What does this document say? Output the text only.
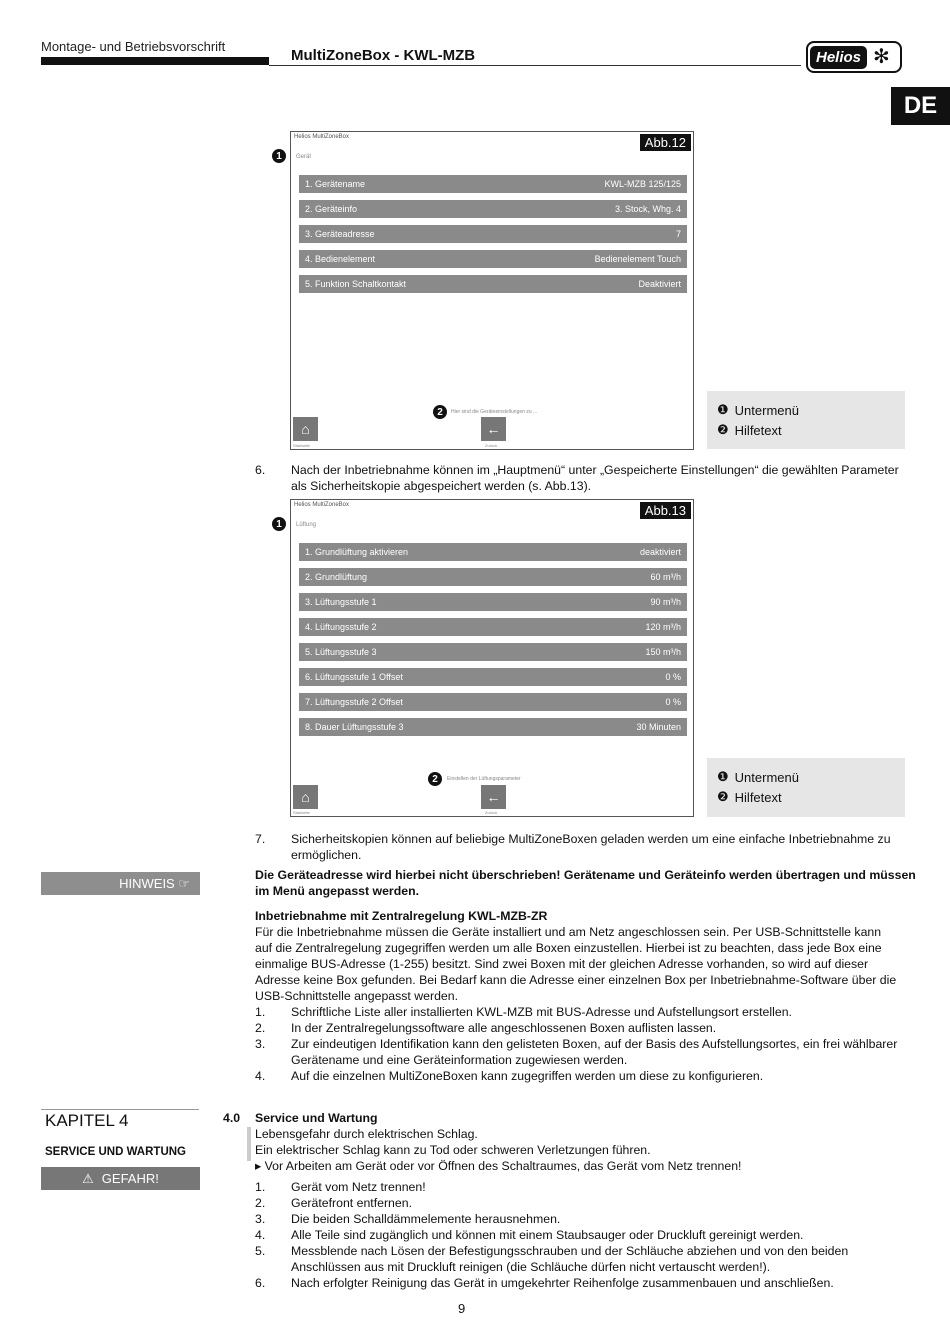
Montage- und Betriebsvorschrift
MultiZoneBox - KWL-MZB	Helios ✻
DE
1
Helios MultiZoneBox
Gerät
Abb.12
1. Gerätename	KWL-MZB 125/125
2. Geräteinfo	3. Stock, Whg. 4
3. Geräteadresse	7
4. Bedienelement	Bedienelement Touch
5. Funktion Schaltkontakt	Deaktiviert
2	Hier sind die Geräteeinstellungen zu ...
⌂
Startseite
←
Zurück
❶ Untermenü
❷ Hilfetext
6. Nach der Inbetriebnahme können im „Hauptmenü“ unter „Gespeicherte Einstellungen“ die gewählten Parameter
als Sicherheitskopie abgespeichert werden (s. Abb.13).
1
Helios MultiZoneBox
Lüftung
Abb.13
1. Grundlüftung aktivieren	deaktiviert
2. Grundlüftung	60 m³/h
3. Lüftungsstufe 1	90 m³/h
4. Lüftungsstufe 2	120 m³/h
5. Lüftungsstufe 3	150 m³/h
6. Lüftungsstufe 1 Offset	0 %
7. Lüftungsstufe 2 Offset	0 %
8. Dauer Lüftungsstufe 3	30 Minuten
2	Einstellen der Lüftungsparameter
⌂
Startseite
←
Zurück
❶ Untermenü
❷ Hilfetext
7. Sicherheitskopien können auf beliebige MultiZoneBoxen geladen werden um eine einfache Inbetriebnahme zu
ermöglichen.
HINWEIS ☞
Die Geräteadresse wird hierbei nicht überschrieben! Gerätename und Geräteinfo werden übertragen und müssen
im Menü angepasst werden.
Inbetriebnahme mit Zentralregelung KWL-MZB-ZR
Für die Inbetriebnahme müssen die Geräte installiert und am Netz angeschlossen sein. Per USB-Schnittstelle kann
auf die Zentralregelung zugegriffen werden um alle Boxen einzustellen. Hierbei ist zu beachten, dass jede Box eine
einmalige BUS-Adresse (1-255) besitzt. Sind zwei Boxen mit der gleichen Adresse vorhanden, so wird auf dieser
Adresse keine Box gefunden. Bei Bedarf kann die Adresse einer einzelnen Box per Inbetriebnahme-Software über die
USB-Schnittstelle angepasst werden.
1. Schriftliche Liste aller installierten KWL-MZB mit BUS-Adresse und Aufstellungsort erstellen.
2. In der Zentralregelungssoftware alle angeschlossenen Boxen auflisten lassen.
3. Zur eindeutigen Identifikation kann den gelisteten Boxen, auf der Basis des Aufstellungsortes, ein frei wählbarer
Gerätename und eine Geräteinformation zugewiesen werden.
4. Auf die einzelnen MultiZoneBoxen kann zugegriffen werden um diese zu konfigurieren.
KAPITEL 4
SERVICE UND WARTUNG
⚠ GEFAHR!
4.0 Service und Wartung
Lebensgefahr durch elektrischen Schlag.
Ein elektrischer Schlag kann zu Tod oder schweren Verletzungen führen.
▸ Vor Arbeiten am Gerät oder vor Öffnen des Schaltraumes, das Gerät vom Netz trennen!
1. Gerät vom Netz trennen!
2. Gerätefront entfernen.
3. Die beiden Schalldämmelemente herausnehmen.
4. Alle Teile sind zugänglich und können mit einem Staubsauger oder Druckluft gereinigt werden.
5. Messblende nach Lösen der Befestigungsschrauben und der Schläuche abziehen und von den beiden
Anschlüssen aus mit Druckluft reinigen (die Schläuche dürfen nicht vertauscht werden!).
6. Nach erfolgter Reinigung das Gerät in umgekehrter Reihenfolge zusammenbauen und anschließen.
9
